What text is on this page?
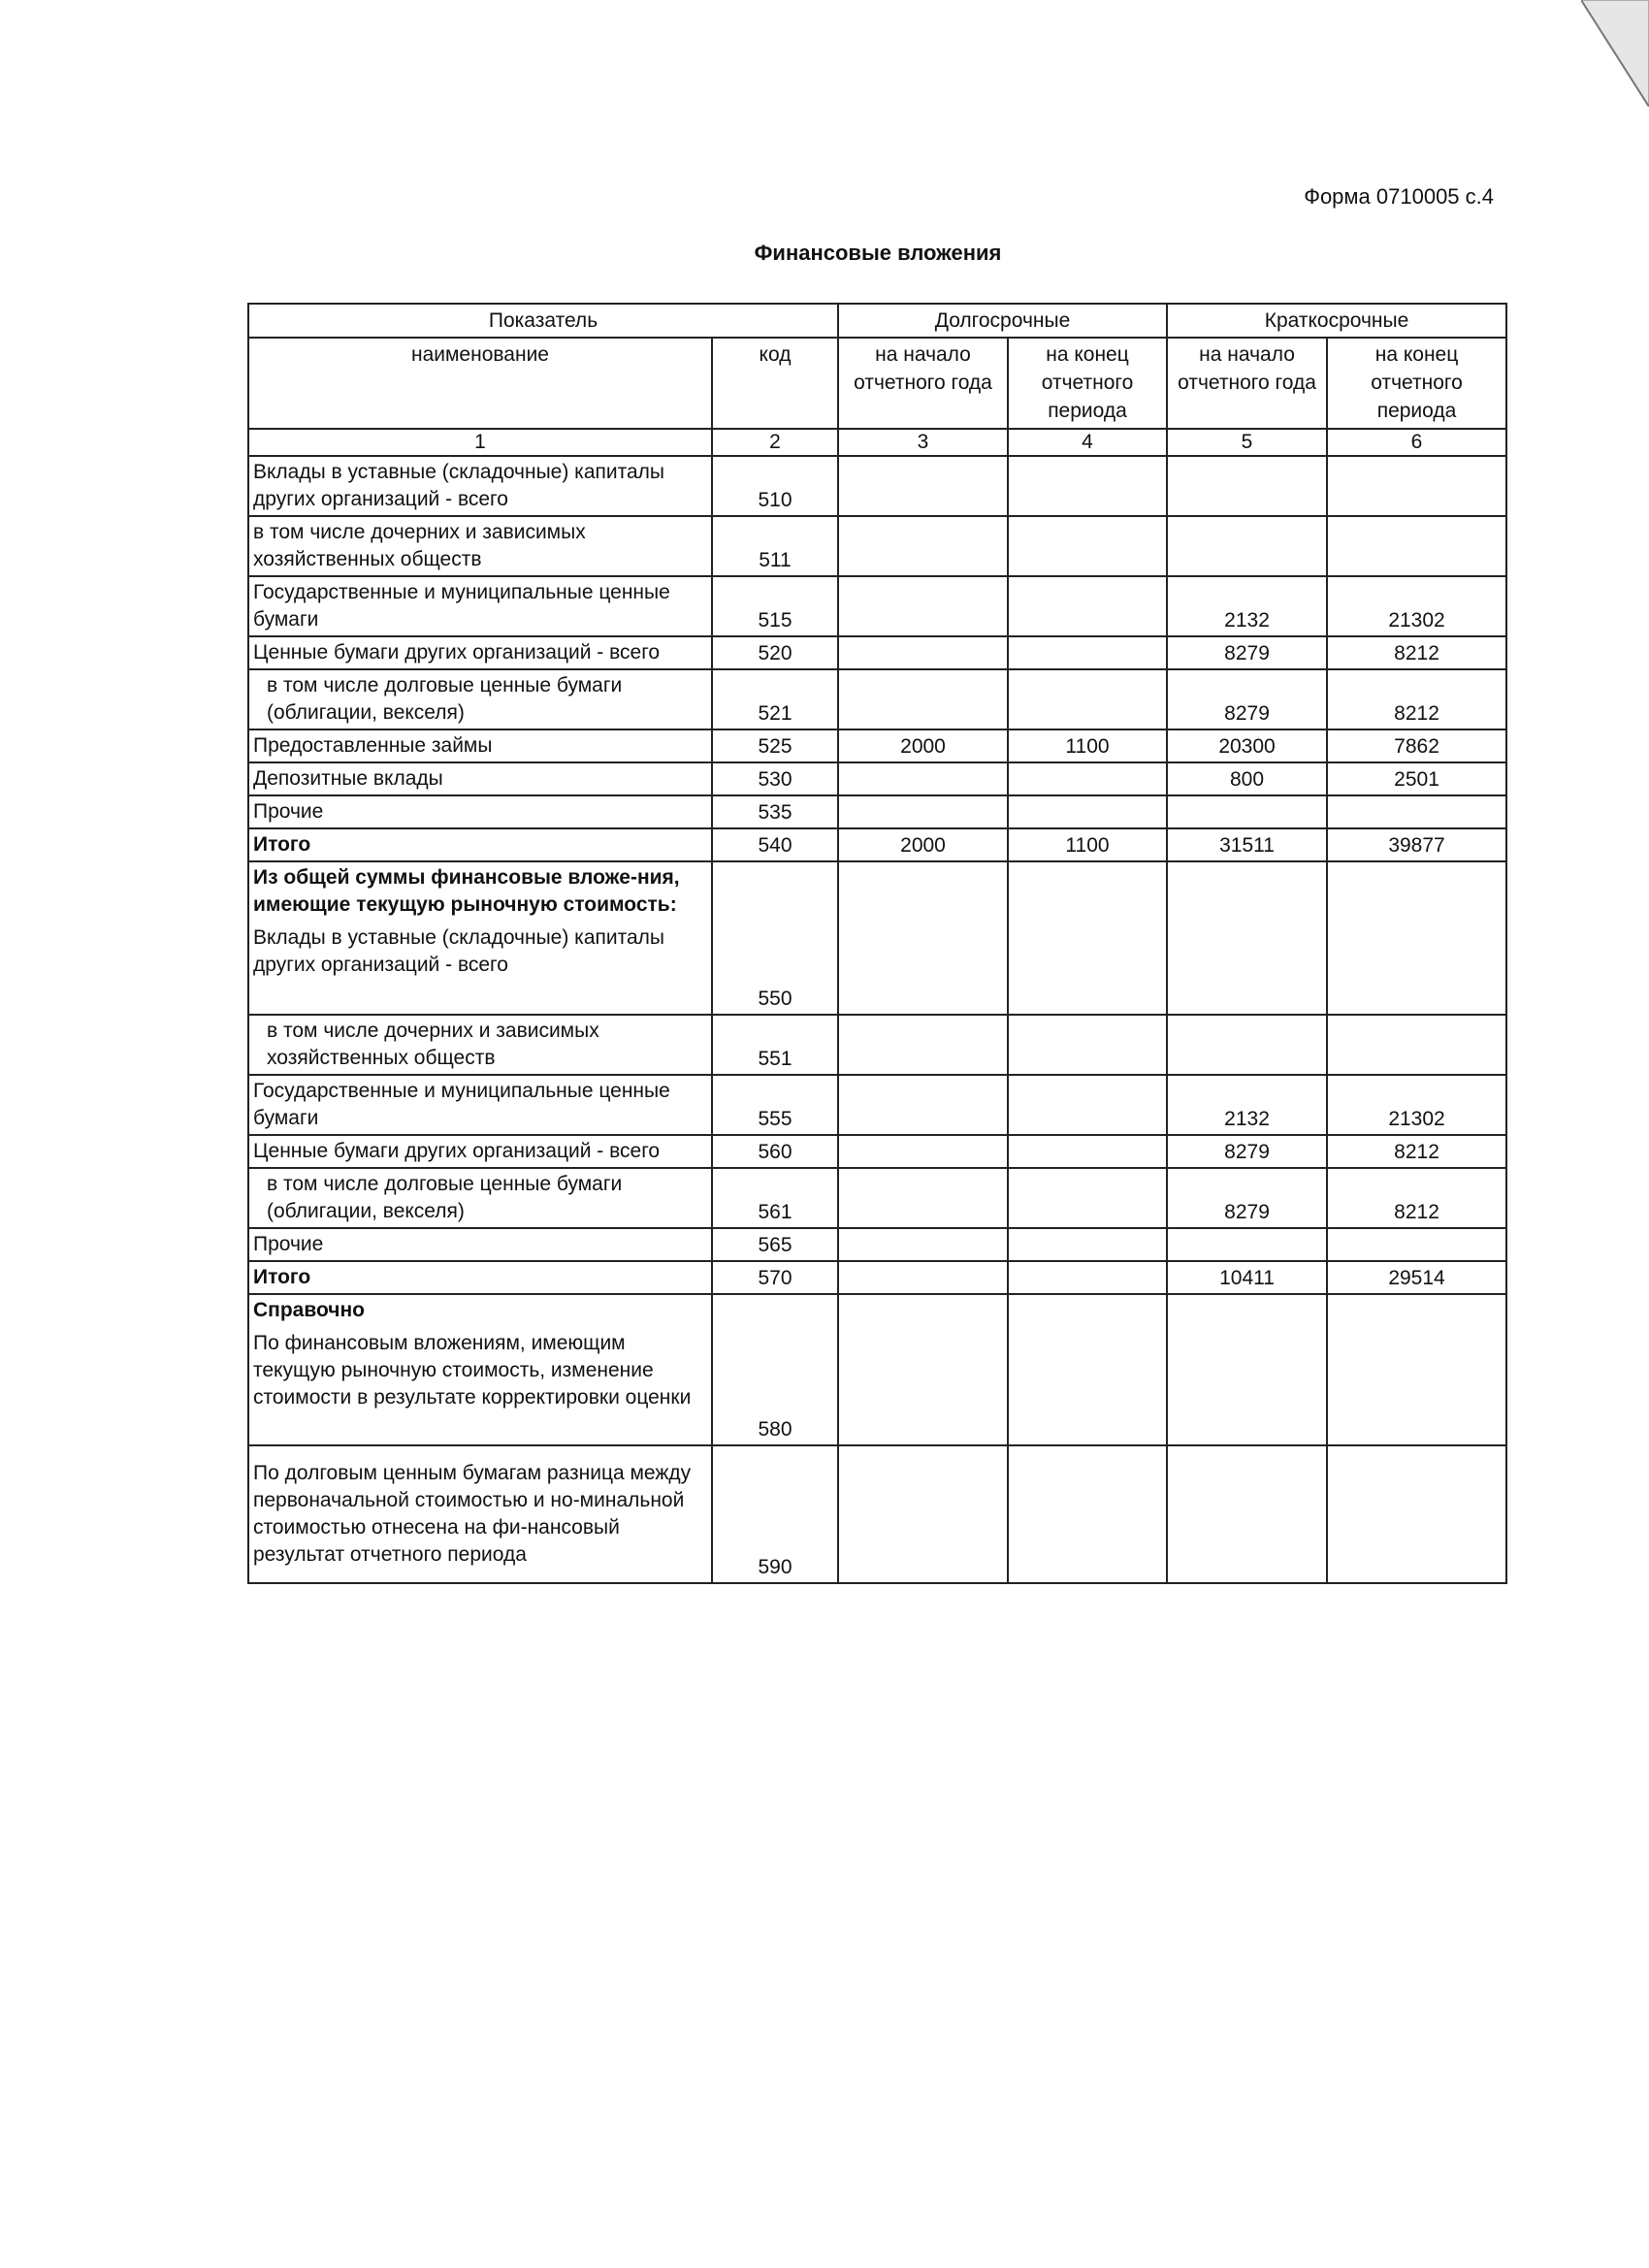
Форма 0710005 с.4
Финансовые вложения
Показатель		Долгосрочные		Краткосрочные	
наименование	код	на начало отчетного года	на конец отчетного периода	на начало отчетного года	на конец отчетного периода
1	2	3	4	5	6
Вклады в уставные (складочные) капиталы других организаций - всего	510				
в том числе дочерних и зависимых хозяйственных обществ	511				
Государственные и муниципальные ценные бумаги	515			2132	21302
Ценные бумаги других организаций - всего	520			8279	8212
в том числе долговые ценные бумаги (облигации, векселя)	521			8279	8212
Предоставленные займы	525	2000	1100	20300	7862
Депозитные вклады	530			800	2501
Прочие	535				
Итого	540	2000	1100	31511	39877

Из общей суммы финансовые вложе-ния, имеющие текущую рыночную стоимость:
Вклады в уставные (складочные) капиталы других организаций - всего	550				
в том числе дочерних и зависимых хозяйственных обществ	551				
Государственные и муниципальные ценные бумаги	555			2132	21302
Ценные бумаги других организаций - всего	560			8279	8212
в том числе долговые ценные бумаги (облигации, векселя)	561			8279	8212
Прочие	565				
Итого	570			10411	29514

Справочно
По финансовым вложениям, имеющим текущую рыночную стоимость, изменение стоимости в результате корректировки оценки	580				
По долговым ценным бумагам разница между первоначальной стоимостью и но-минальной стоимостью отнесена на фи-нансовый результат отчетного периода	590				
